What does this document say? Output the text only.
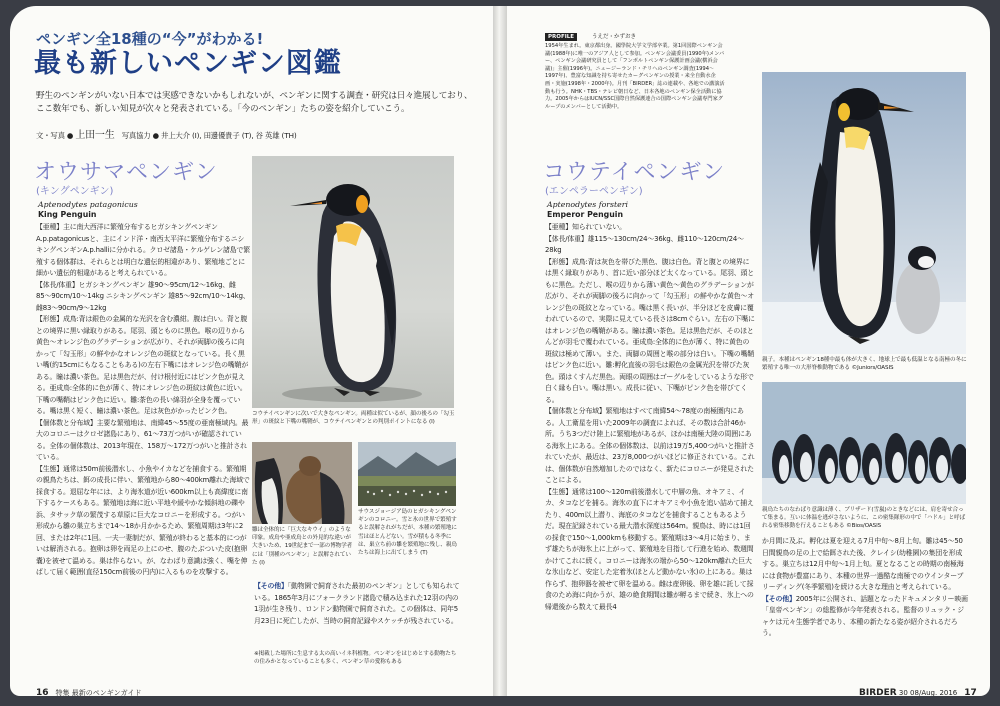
ペンギン全18種の“今”がわかる!
最も新しいペンギン図鑑
野生のペンギンがいない日本では実感できないかもしれないが、ペンギンに関する調査・研究は日々進展しており、ここ数年でも、新しい知見が次々と発表されている。「今のペンギン」たちの姿を紹介していこう。
文・写真 ● 上田一生　 写真協力 ● 井上大介 (I), 田邊優貴子 (T), 谷 英雄 (TH)
オウサマペンギン
(キングペンギン)
Aptenodytes patagonicus
King Penguin

【亜種】主に南大西洋に繁殖分布するヒガシキングペンギンA.p.patagonicusと、主にインド洋・南西太平洋に繁殖分布するニシキングペンギンA.p.halliに分かれる。クロゼ諸島・ケルゲレン諸島で繁殖する個体群は、それらとは明白な遺伝的相違があり、繁殖地ごとに細かい遺伝的相違があると考えられている。

【体長/体重】ヒガシキングペンギン 雄90〜95cm/12〜16kg、雌85〜90cm/10〜14kg ニシキングペンギン 雄85〜92cm/10〜14kg、雌83〜90cm/9〜12kg

【形態】成鳥:背は銀色の金属的な光沢を含む濃紺。腹は白い。背と腹との境界に黒い縁取りがある。尾羽、頭とものに黒色。喉の辺りから黄色〜オレンジ色のグラデーションが広がり、それが両脚の後ろに向かって「勾玉形」の鮮やかなオレンジ色の斑紋となっている。長く黒い嘴(約15cmにもなることもある)の左右下嘴にはオレンジ色の嘴鞘がある。瞳は濃い茶色。足は黒色だが、付け根付近にはピンク色が見える。亜成鳥:全体的に色が薄く、特にオレンジ色の斑紋は黄色に近い。下嘴の嘴鞘はピンク色に近い。雛:茶色の長い綿羽が全身を覆っている。嘴は黒く短く、瞳は濃い茶色。足は灰色がかったピンク色。

【個体数と分布域】主要な繁殖地は、南緯45〜55度の亜南極域内。最大のコロニーはクロゼ諸島にあり、61〜73万つがいが確認されている。全体の個体数は、2013年現在、158万〜172万つがいと推計されている。

【生態】通常は50m前後潜水し、小魚やイカなどを捕食する。繁殖期の親鳥たちは、餌の成長に伴い、繁殖地から80〜400km離れた海域で採食する。退屈な年には、より海氷道が近い600km以上も高緯度に南下するケースもある。繁殖地は海に近い平地や緩やかな傾斜地の礫や浜、タサック草の繁茂する草原に巨大なコロニーを形成する。つがい形成から雛の巣立ちまで14〜18か月かかるため、繁殖周期は3年に2回、または2年に1回。一夫一妻制だが、繁殖が終わると基本的につがいは解消される。抱卵は卵を両足の上にのせ、腹のたぶついた皮(抱卵嚢)を被せて温める。巣は作らない。が、なわばり意識は強く、嘴を伸ばして届く範囲(直径150cm前後の円内)に入るものを攻撃する。

コウテイペンギンに次いで大きなペンギン。両種は似ているが、顔の後ろの「勾玉形」の斑紋と下嘴の嘴鞘が、コウテイペンギンとの判別ポイントになる (I)
雛は全体的に「巨大なキウイ」のような印象。成鳥や亜成鳥との外見的な違いが大きいため、19世紀まで一部の博物学者には「別種のペンギン」と誤解されていた (I)
サウスジョージア島のヒガシキングペンギンのコロニー。雪と氷の世界で繁殖すると誤解されがちだが、本種の繁殖地に雪はほとんどない。雪が積もる冬季には、巣立ち前の雛を繁殖地に残し、親鳥たちは海上に出てしまう (T)
【その他】「動物園で飼育された最初のペンギン」としても知られている。1865年3月にフォークランド諸島で積み込まれた12羽の内の1羽が生き残り、ロンドン動物園で飼育された。この個体は、同年5月23日に死亡したが、当時の飼育記録やスケッチが残されている。
※掲載した場所に生息する太の高いイネ科植物。ペンギンをはじめとする動物たちの住みかとなっていることも多く、ペンギン草の愛称もある
16　 特集 最新のペンギンガイド
PROFILE	うえだ・かずおき
1954年生まれ。東京都出身。國學院大学文学部卒業。第1回国際ペンギン会議(1988年)に唯一のアジア人として参加。ペンギン会議委員(1990年)メンバー、ペンギン会議研究員として「フンボルトペンギン保護計画会議(横浜会議)」主催(1996年)。ニュージーランド・チリへのペンギン調査(1994〜1997年)、豊富な知識を持ち寄せたカーグペンギンの授業・来全自動水企画・実施(1998年・2000年)。月刊「BIRDER」誌の連載や、各地での講演活動も行う。NHK・TBS・テレビ朝日など、日本各地のペンギン保全活動に協力。2005年からはIUCN/SSC国際自然保護連合の国際ペンギン会議専門家グループのメンバーとして活動中。
親子。本種はペンギン18種中最も体が大きく、地球上で最も低温となる南極の冬に繁殖する唯一の大形脊椎動物である ©Juniors/OASIS
親鳥たちのなわばり意識は薄く、ブリザード(雪嵐)のときなどには、肩を寄せ合って集まる。互いに体温を逃がさないように、この密集隊形の中で「ハドル」と呼ばれる密集移動を行えることもある ©Bios/OASIS
コウテイペンギン
(エンペラーペンギン)
Aptenodytes forsteri
Emperor Penguin

【亜種】知られていない。

【体長/体重】雄115〜130cm/24〜36kg、雌110〜120cm/24〜28kg

【形態】成鳥:背は灰色を帯びた黒色、腹は白色。背と腹との境界には黒く縁取りがあり、首に近い部分ほど太くなっている。尾羽、頭ともに黒色。ただし、喉の辺りから薄い黄色〜黄色のグラデーションが広がり、それが両脚の後ろに向かって「勾玉形」の鮮やかな黄色〜オレンジ色の斑紋となっている。嘴は黒く長いが、半分ほどを皮膚に覆われているので、実際に見えている長さは8cmぐらい。左右の下嘴にはオレンジ色の嘴鞘がある。瞳は濃い茶色。足は黒色だが、そのほとんどが羽毛で覆われている。亜成鳥:全体的に色が薄く、特に黄色の斑紋は極めて薄い。また、両脚の周囲と喉の部分は白い。下嘴の嘴鞘はピンク色に近い。雛:孵化直後の羽毛は銀色の金属光沢を帯びた灰色。頭はくすんだ黒色。両眼の周囲はゴーグルをしているような形で白く縁も白い。嘴は黒い。成長に従い、下嘴がピンク色を帯びてくる。

【個体数と分布域】繁殖地はすべて南緯54〜78度の南極圏内にある。人工衛星を用いた2009年の調査によれば、その数は合計46か所。うち3つだけ陸上に繁殖地があるが、ほかは南極大陸の周囲にある海氷上にある。全体の個体数は、以前は19万5,400つがいと推計されていたが、最近は、23万8,000つがいほどに修正されている。これは、個体数が自然増加したのではなく、新たにコロニーが発見されたことによる。

【生態】通常は100〜120m前後潜水して中層の魚、オキアミ、イカ、タコなどを捕る。海氷の直下にオキアミや小魚を追い詰めて捕えたり、400m以上潜り、海底のタコなどを捕食することもあるようだ。現在記録されている最大潜水深度は564m。親鳥は、時には1回の採食で150〜1,000kmも移動する。繁殖期は3〜4月に始まり、まず雄たちが海氷上に上がって、繁殖地を目指して行進を始め、数週間かけてこれに続く。コロニーは海氷の端から50〜120km離れた巨大な氷山など、安定した定着氷(ほとんど動かない氷)の上にある。巣は作らず、抱卵器を被せて卵を温める。雌は産卵後、卵を雄に託して採食のため海に向かうが、雄の絶食期間は雛が孵るまで続き、氷上への帰還後から数えて最長4

か月間に及ぶ。孵化は夏を迎える7月中旬〜8月上旬。雛は45〜50日間親鳥の足の上で給餌された後、クレイシ(幼稚園)の集団を形成する。巣立ちは12月中旬〜1月上旬。夏となることの時期の南極海には食物が豊富にあり、本種の世界一過酷な南極でのウインターブリーディング(冬季繁殖)を続ける大きな理由と考えられている。

【その他】2005年に公開され、話題となったドキュメンタリー映画「皇帝ペンギン」の総監修が今年発表される。監督のリュック・ジャケは元々生態学者であり、本種の新たなる姿が紹介されるだろう。

BIRDER 30 08/Aug. 2016　 17
